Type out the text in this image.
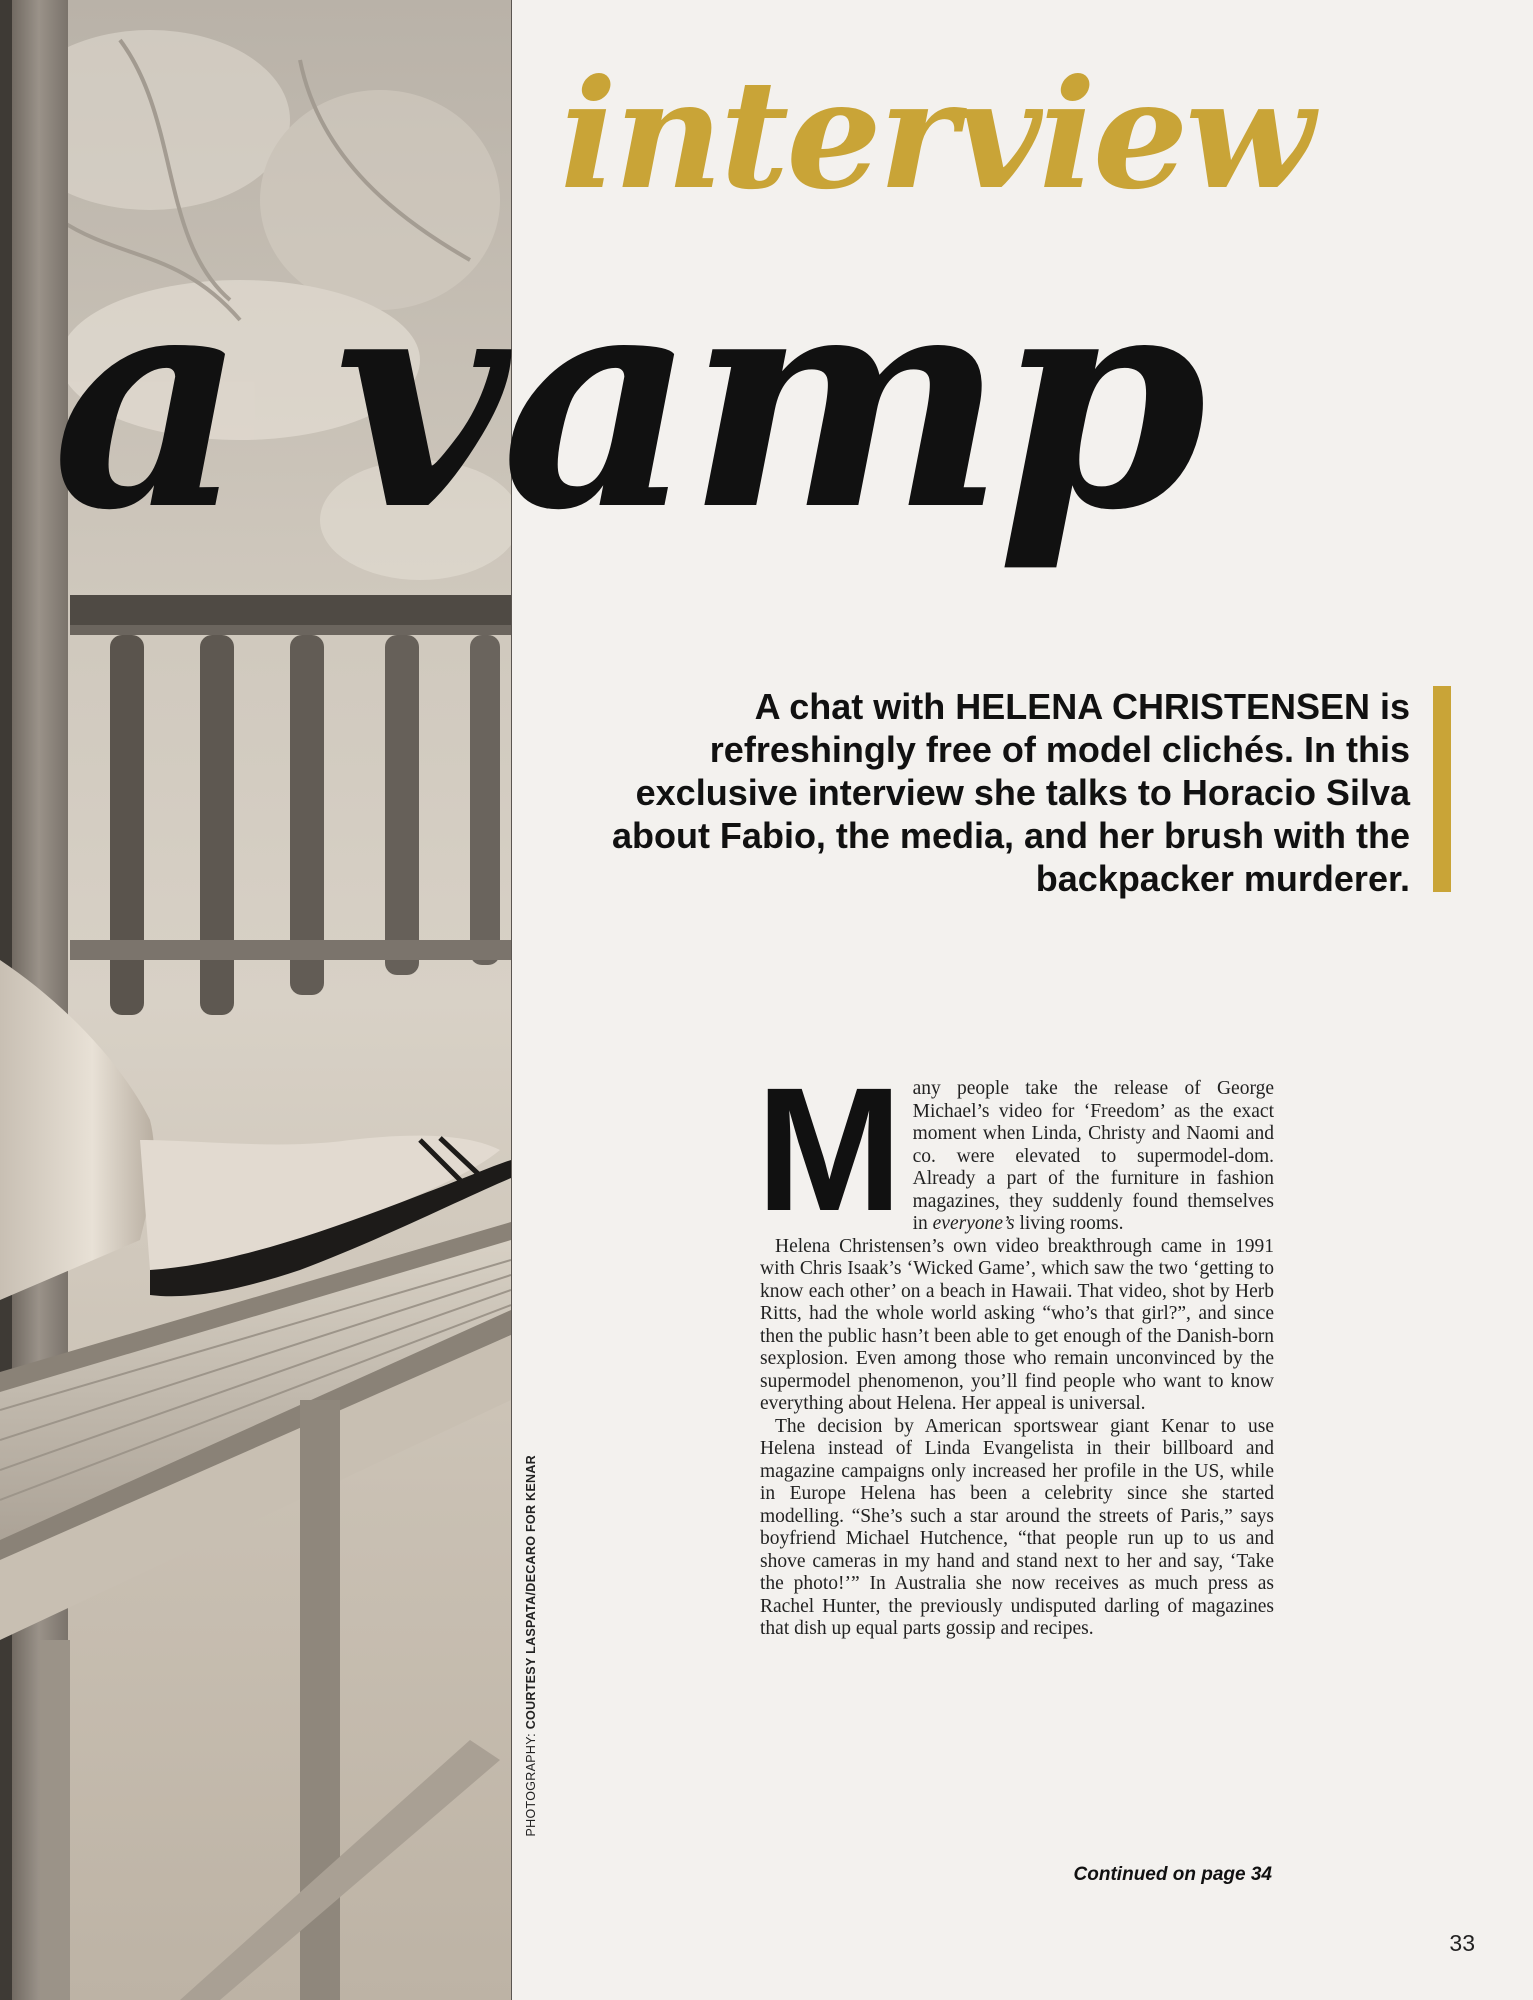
PHOTOGRAPHY: COURTESY LASPATA/DECARO FOR KENAR
interview
a vamp
A chat with HELENA CHRISTENSEN is refreshingly free of model clichés. In this exclusive interview she talks to Horacio Silva about Fabio, the media, and her brush with the backpacker murderer.

Many people take the release of George Michael’s video for ‘Freedom’ as the exact moment when Linda, Christy and Naomi and co. were elevated to supermodel-dom. Already a part of the furniture in fashion magazines, they suddenly found themselves in everyone’s living rooms.

Helena Christensen’s own video breakthrough came in 1991 with Chris Isaak’s ‘Wicked Game’, which saw the two ‘getting to know each other’ on a beach in Hawaii. That video, shot by Herb Ritts, had the whole world asking “who’s that girl?”, and since then the public hasn’t been able to get enough of the Danish-born sexplosion. Even among those who remain unconvinced by the supermodel phenomenon, you’ll find people who want to know everything about Helena. Her appeal is universal.

The decision by American sportswear giant Kenar to use Helena instead of Linda Evangelista in their billboard and magazine campaigns only increased her profile in the US, while in Europe Helena has been a celebrity since she started modelling. “She’s such a star around the streets of Paris,” says boyfriend Michael Hutchence, “that people run up to us and shove cameras in my hand and stand next to her and say, ‘Take the photo!’” In Australia she now receives as much press as Rachel Hunter, the previously undisputed darling of magazines that dish up equal parts gossip and recipes.

Continued on page 34
33
